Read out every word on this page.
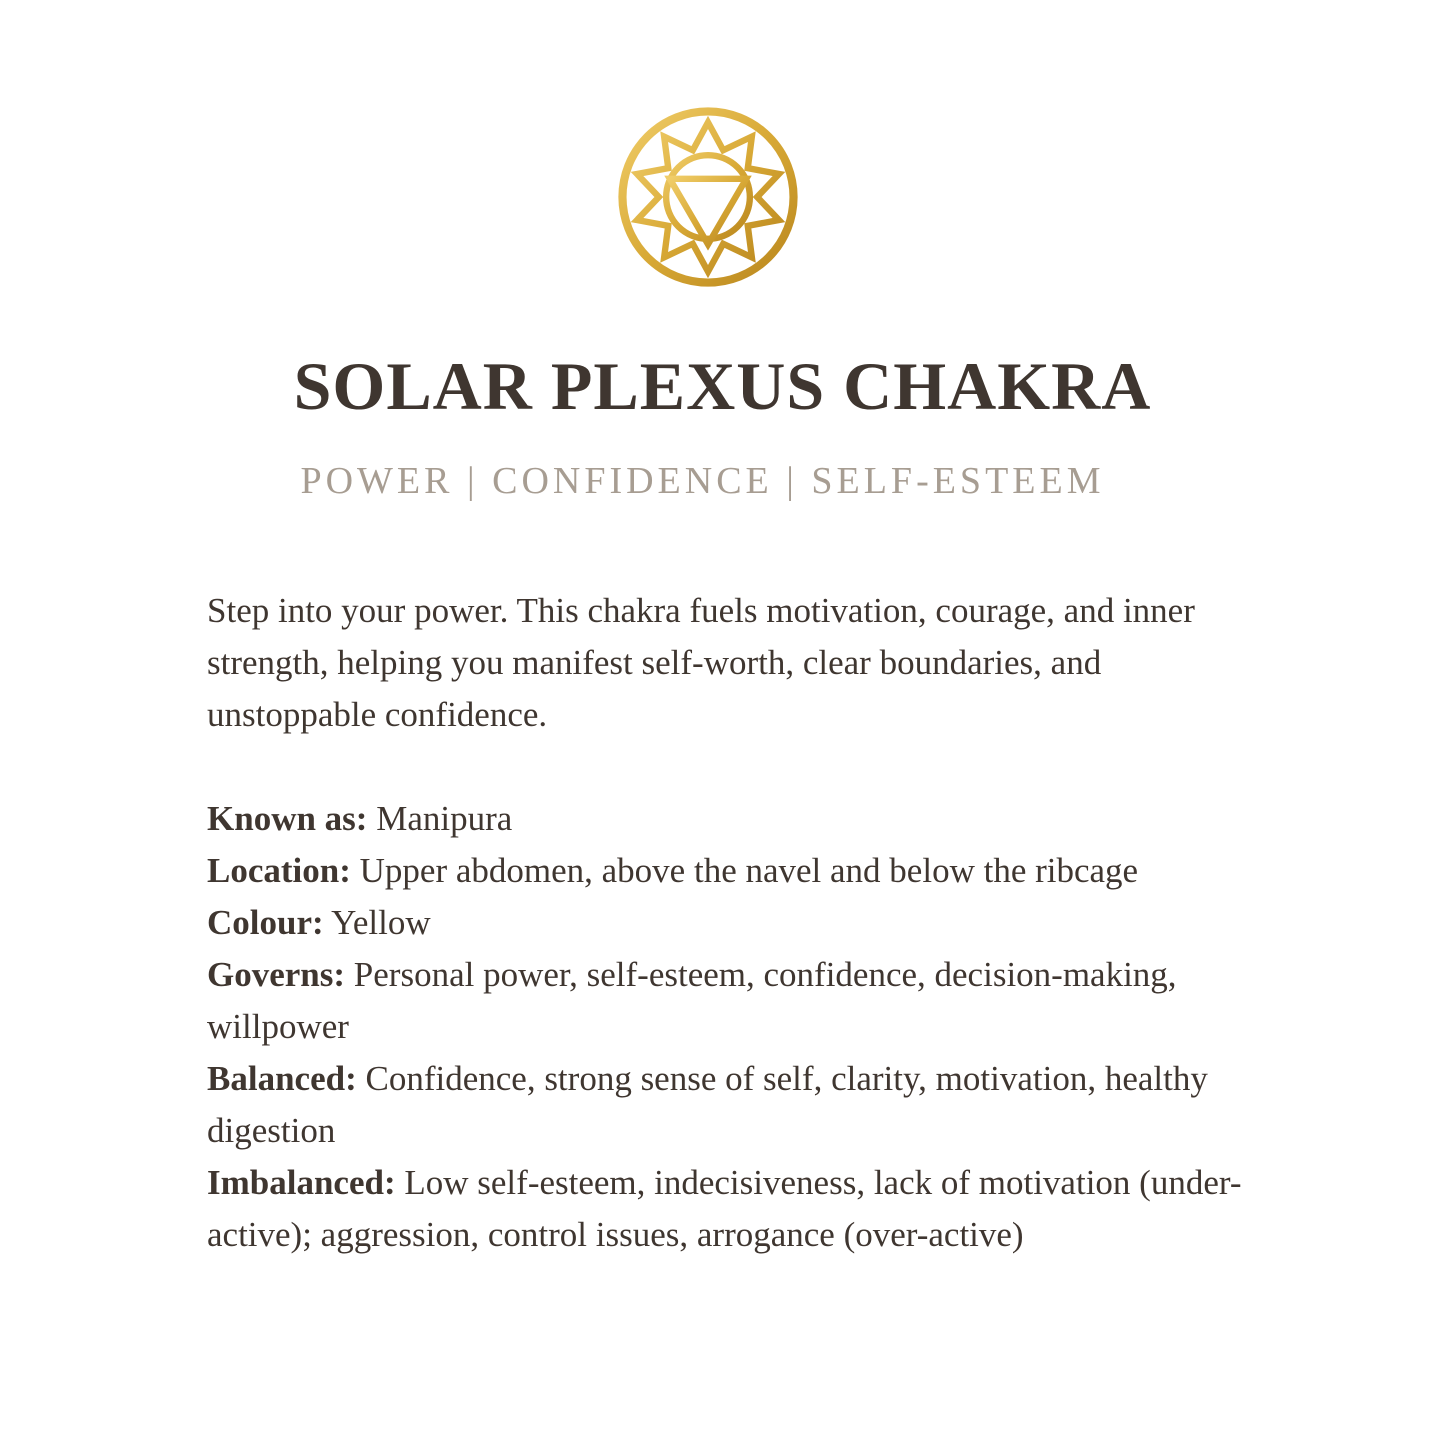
SOLAR PLEXUS CHAKRA
POWER | CONFIDENCE | SELF-ESTEEM

Step into your power. This chakra fuels motivation, courage, and inner strength, helping you manifest self-worth, clear boundaries, and unstoppable confidence.

Known as: Manipura

Location: Upper abdomen, above the navel and below the ribcage

Colour: Yellow

Governs: Personal power, self-esteem, confidence, decision-making, willpower

Balanced: Confidence, strong sense of self, clarity, motivation, healthy digestion

Imbalanced: Low self-esteem, indecisiveness, lack of motivation (under-active); aggression, control issues, arrogance (over-active)
